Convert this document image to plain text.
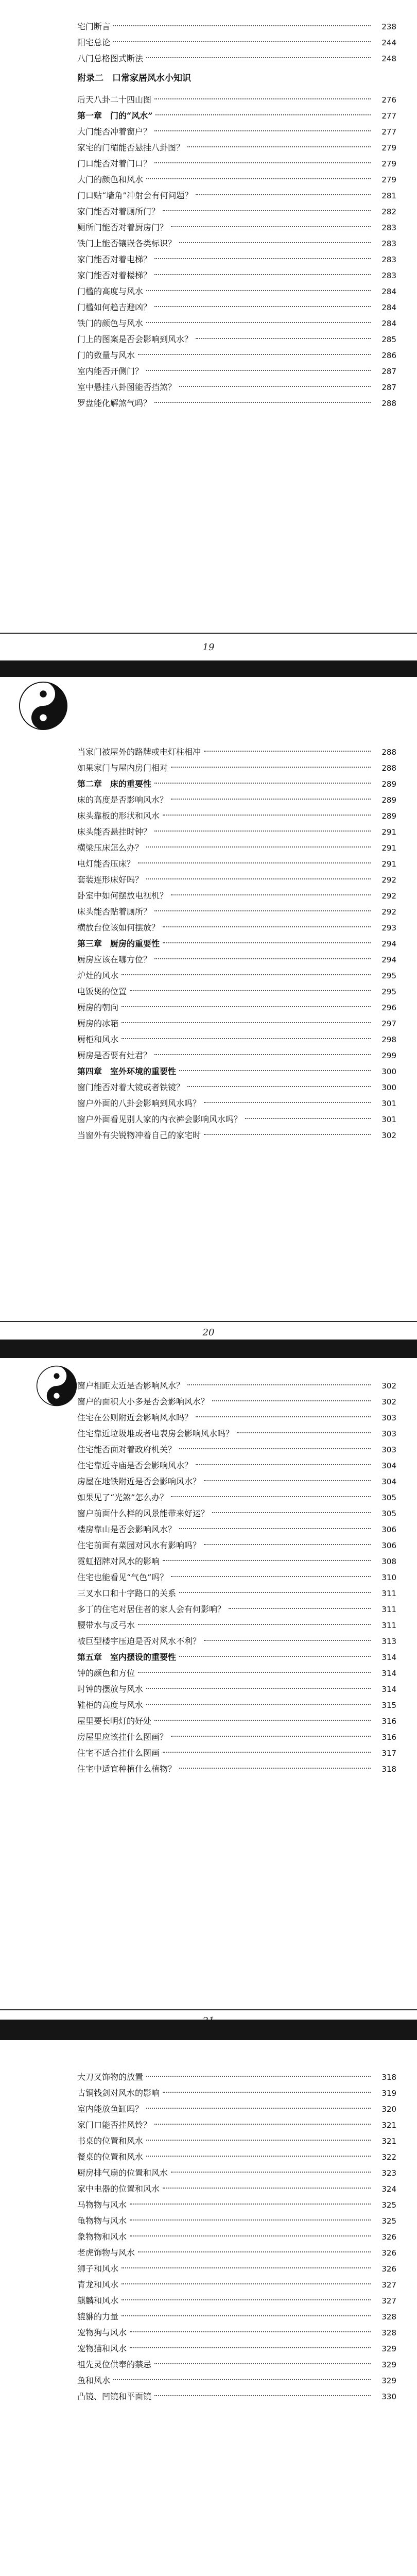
宅门断言	238
阳宅总论	244
八门总格图式断法	248
附录二　口常家居风水小知识
后天八卦二十四山图	276
第一章　门的“风水”	277
大门能否冲着窗户？	277
家宅的门楣能否悬挂八卦图？	279
门口能否对着门口？	279
大门的颜色和风水	279
门口贴“墙角”冲射会有何问题？	281
家门能否对着厕所门？	282
厕所门能否对着厨房门？	283
铁门上能否镶嵌各类标识？	283
家门能否对着电梯？	283
家门能否对着楼梯？	283
门槛的高度与风水	284
门槛如何趋吉避凶？	284
铁门的颜色与风水	284
门上的图案是否会影响到风水？	285
门的数量与风水	286
室内能否开侧门？	287
室中悬挂八卦图能否挡煞？	287
罗盘能化解煞气吗？	288
19
当家门被屋外的路牌或电灯柱相冲	288
如果家门与屋内房门相对	288
第二章　床的重要性	289
床的高度是否影响风水？	289
床头靠板的形状和风水	289
床头能否悬挂时钟？	291
横梁压床怎么办？	291
电灯能否压床？	291
套装连形床好吗？	292
卧室中如何摆放电视机？	292
床头能否贴着厕所？	292
横放台位该如何摆放？	293
第三章　厨房的重要性	294
厨房应该在哪方位？	294
炉灶的风水	295
电饭煲的位置	295
厨房的朝向	296
厨房的冰箱	297
厨柜和风水	298
厨房是否要有灶君？	299
第四章　室外环境的重要性	300
窗门能否对着大镜或者铁镜？	300
窗户外面的八卦会影响到风水吗？	301
窗户外面看见别人家的内衣裤会影响风水吗？	301
当窗外有尖锐物冲着自己的家宅时	302
20
窗户相距太近是否影响风水？	302
窗户的面积大小多是否会影响风水？	302
住宅在公则附近会影响风水吗？	303
住宅靠近垃圾堆或者电表房会影响风水吗？	303
住宅能否面对着政府机关？	303
住宅靠近寺庙是否会影响风水？	304
房屋在地铁附近是否会影响风水？	304
如果见了“光煞”怎么办？	305
窗户前面什么样的风景能带来好运？	305
楼房靠山是否会影响风水？	306
住宅前面有菜园对风水有影响吗？	306
霓虹招牌对风水的影响	308
住宅也能看见“气色”吗？	310
三叉水口和十字路口的关系	311
多丁的住宅对居住者的家人会有何影响？	311
腰带水与反弓水	311
被巨型楼宇压迫是否对风水不利？	313
第五章　室内摆设的重要性	314
钟的颜色和方位	314
时钟的摆放与风水	314
鞋柜的高度与风水	315
屋里要长明灯的好处	316
房屋里应该挂什么图画？	316
住宅不适合挂什么图画	317
住宅中适宜种植什么植物？	318
大刀叉饰物的放置	318
古铜钱剑对风水的影响	319
室内能放鱼缸吗？	320
家门口能否挂风铃？	321
书桌的位置和风水	321
餐桌的位置和风水	322
厨房排气扇的位置和风水	323
家中电器的位置和风水	324
马物物与风水	325
龟物物与风水	325
象物物和风水	326
老虎饰物与风水	326
狮子和风水	326
青龙和风水	327
麒麟和风水	327
貔貅的力量	328
宠物狗与风水	328
宠物猫和风水	329
祖先灵位供奉的禁忌	329
鱼和风水	329
凸镜、凹镜和平面镜	330
